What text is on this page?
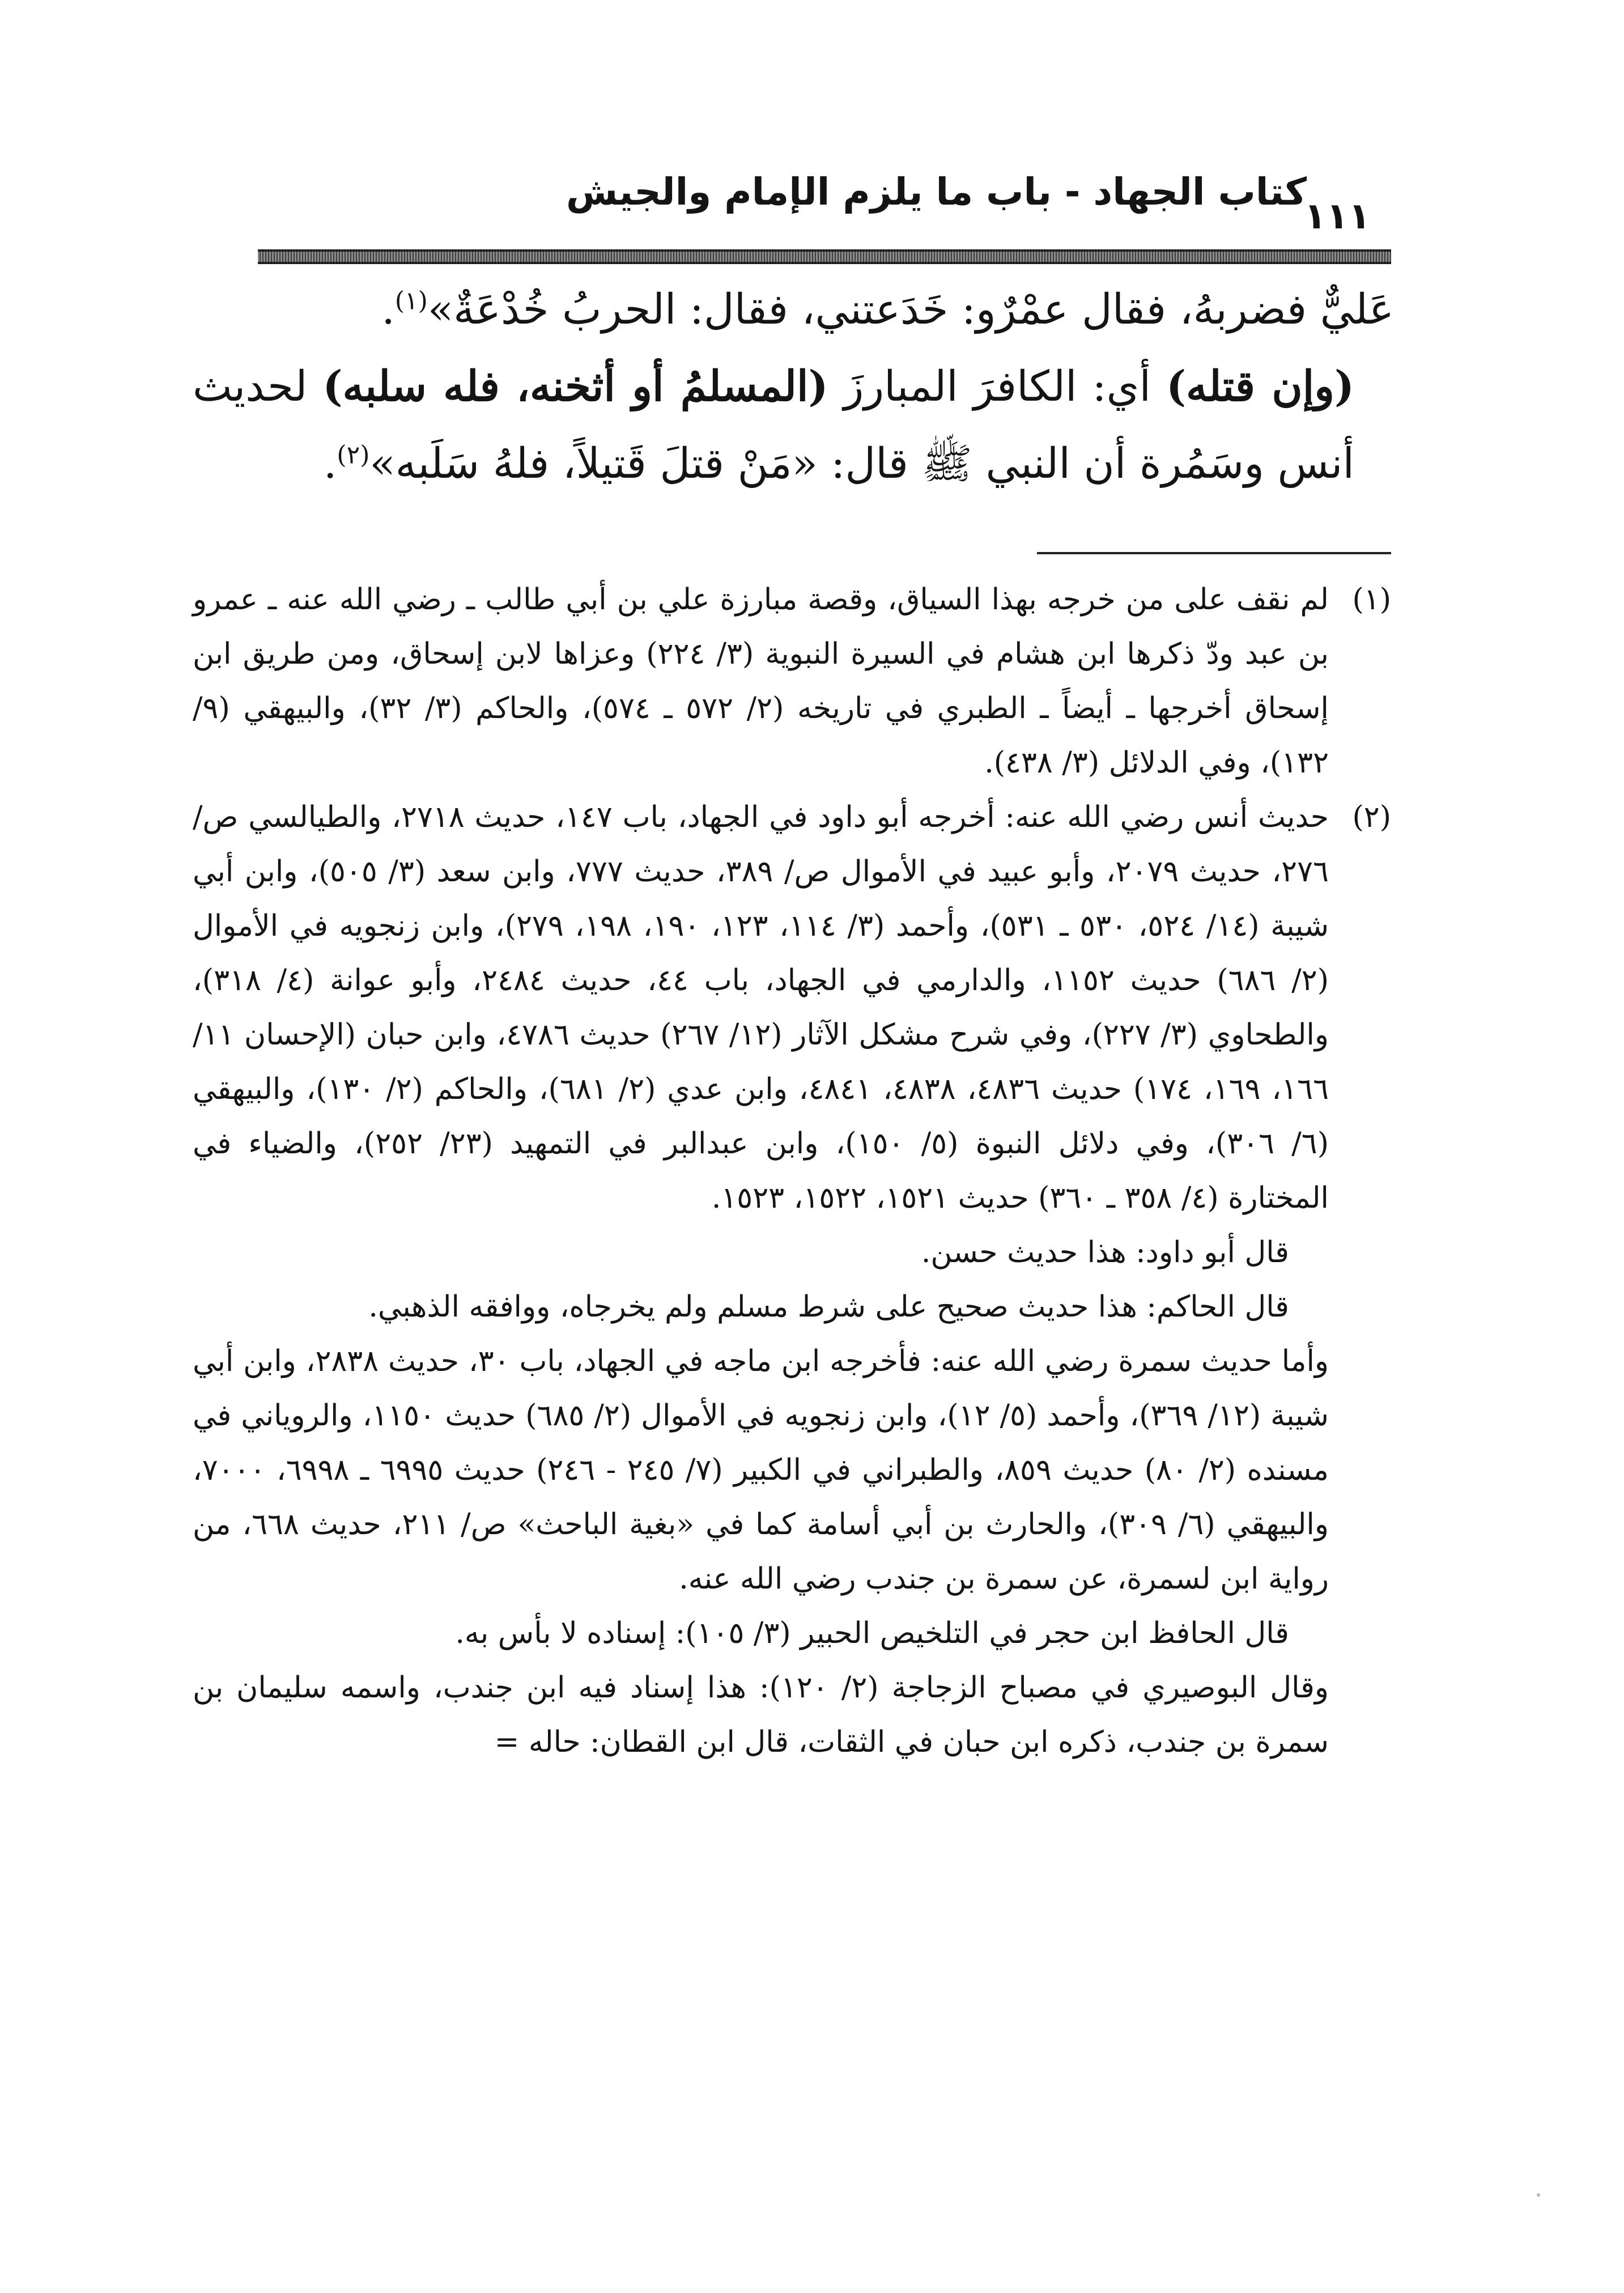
كتاب الجهاد - باب ما يلزم الإمام والجيش
١١١

عَليٌّ فضربهُ، فقال عمْرٌو: خَدَعتني، فقال: الحربُ خُدْعَةٌ»$^{(١)}$.

(وإن قتله) أي: الكافرَ المبارزَ (المسلمُ أو أثخنه، فله سلبه) لحديث أنس وسَمُرة أن النبي ﷺ قال: «مَنْ قتلَ قَتيلاً، فلهُ سَلَبه»$^{(٢)}$.

(١)
لم نقف على من خرجه بهذا السياق، وقصة مبارزة علي بن أبي طالب ـ رضي الله عنه ـ عمرو بن عبد ودّ ذكرها ابن هشام في السيرة النبوية (٣/ ٢٢٤) وعزاها لابن إسحاق، ومن طريق ابن إسحاق أخرجها ـ أيضاً ـ الطبري في تاريخه (٢/ ٥٧٢ ـ ٥٧٤)، والحاكم (٣/ ٣٢)، والبيهقي (٩/ ١٣٢)، وفي الدلائل (٣/ ٤٣٨).

(٢)
حديث أنس رضي الله عنه: أخرجه أبو داود في الجهاد، باب ١٤٧، حديث ٢٧١٨، والطيالسي ص/ ٢٧٦، حديث ٢٠٧٩، وأبو عبيد في الأموال ص/ ٣٨٩، حديث ٧٧٧، وابن سعد (٣/ ٥٠٥)، وابن أبي شيبة (١٤/ ٥٢٤، ٥٣٠ ـ ٥٣١)، وأحمد (٣/ ١١٤، ١٢٣، ١٩٠، ١٩٨، ٢٧٩)، وابن زنجويه في الأموال (٢/ ٦٨٦) حديث ١١٥٢، والدارمي في الجهاد، باب ٤٤، حديث ٢٤٨٤، وأبو عوانة (٤/ ٣١٨)، والطحاوي (٣/ ٢٢٧)، وفي شرح مشكل الآثار (١٢/ ٢٦٧) حديث ٤٧٨٦، وابن حبان (الإحسان ١١/ ١٦٦، ١٦٩، ١٧٤) حديث ٤٨٣٦، ٤٨٣٨، ٤٨٤١، وابن عدي (٢/ ٦٨١)، والحاكم (٢/ ١٣٠)، والبيهقي (٦/ ٣٠٦)، وفي دلائل النبوة (٥/ ١٥٠)، وابن عبدالبر في التمهيد (٢٣/ ٢٥٢)، والضياء في المختارة (٤/ ٣٥٨ ـ ٣٦٠) حديث ١٥٢١، ١٥٢٢، ١٥٢٣.

قال أبو داود: هذا حديث حسن.

قال الحاكم: هذا حديث صحيح على شرط مسلم ولم يخرجاه، ووافقه الذهبي.

وأما حديث سمرة رضي الله عنه: فأخرجه ابن ماجه في الجهاد، باب ٣٠، حديث ٢٨٣٨، وابن أبي شيبة (١٢/ ٣٦٩)، وأحمد (٥/ ١٢)، وابن زنجويه في الأموال (٢/ ٦٨٥) حديث ١١٥٠، والروياني في مسنده (٢/ ٨٠) حديث ٨٥٩، والطبراني في الكبير (٧/ ٢٤٥ - ٢٤٦) حديث ٦٩٩٥ ـ ٦٩٩٨، ٧٠٠٠، والبيهقي (٦/ ٣٠٩)، والحارث بن أبي أسامة كما في «بغية الباحث» ص/ ٢١١، حديث ٦٦٨، من رواية ابن لسمرة، عن سمرة بن جندب رضي الله عنه.

قال الحافظ ابن حجر في التلخيص الحبير (٣/ ١٠٥): إسناده لا بأس به.

وقال البوصيري في مصباح الزجاجة (٢/ ١٢٠): هذا إسناد فيه ابن جندب، واسمه سليمان بن سمرة بن جندب، ذكره ابن حبان في الثقات، قال ابن القطان: حاله =
